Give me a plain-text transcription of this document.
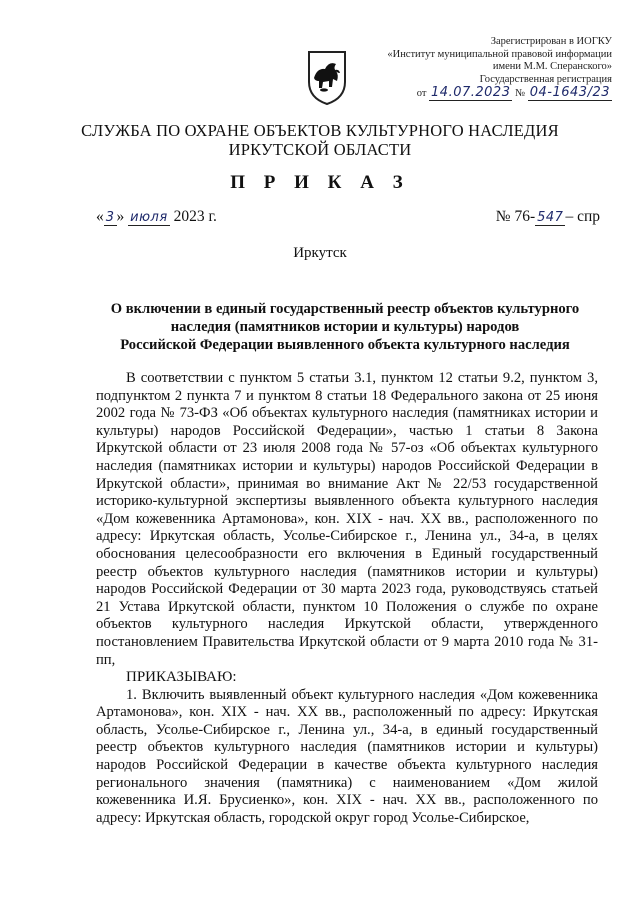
Зарегистрирован в ИОГКУ
«Институт муниципальной правовой информации
имени М.М. Сперанского»
Государственная регистрация
от 14.07.2023 № 04-1643/23
СЛУЖБА ПО ОХРАНЕ ОБЪЕКТОВ КУЛЬТУРНОГО НАСЛЕДИЯ
ИРКУТСКОЙ ОБЛАСТИ
П Р И К А З
« 3 » июля 2023 г.	№ 76- 547 – спр
Иркутск
О включении в единый государственный реестр объектов культурного
наследия (памятников истории и культуры) народов
Российской Федерации выявленного объекта культурного наследия

В соответствии с пунктом 5 статьи 3.1, пунктом 12 статьи 9.2, пунктом 3, подпунктом 2 пункта 7 и пунктом 8 статьи 18 Федерального закона от 25 июня 2002 года № 73-ФЗ «Об объектах культурного наследия (памятниках истории и культуры) народов Российской Федерации», частью 1 статьи 8 Закона Иркутской области от 23 июля 2008 года № 57-оз «Об объектах культурного наследия (памятниках истории и культуры) народов Российской Федерации в Иркутской области», принимая во внимание Акт № 22/53 государственной историко-культурной экспертизы выявленного объекта культурного наследия «Дом кожевенника Артамонова», кон. XIX - нач. XX вв., расположенного по адресу: Иркутская область, Усолье-Сибирское г., Ленина ул., 34-а, в целях обоснования целесообразности его включения в Единый государственный реестр объектов культурного наследия (памятников истории и культуры) народов Российской Федерации от 30 марта 2023 года, руководствуясь статьей 21 Устава Иркутской области, пунктом 10 Положения о службе по охране объектов культурного наследия Иркутской области, утвержденного постановлением Правительства Иркутской области от 9 марта 2010 года № 31-пп,

ПРИКАЗЫВАЮ:

1. Включить выявленный объект культурного наследия «Дом кожевенника Артамонова», кон. XIX - нач. XX вв., расположенный по адресу: Иркутская область, Усолье-Сибирское г., Ленина ул., 34-а, в единый государственный реестр объектов культурного наследия (памятников истории и культуры) народов Российской Федерации в качестве объекта культурного наследия регионального значения (памятника) с наименованием «Дом жилой кожевенника И.Я. Брусиенко», кон. XIX - нач. XX вв., расположенного по адресу: Иркутская область, городской округ город Усолье-Сибирское,
